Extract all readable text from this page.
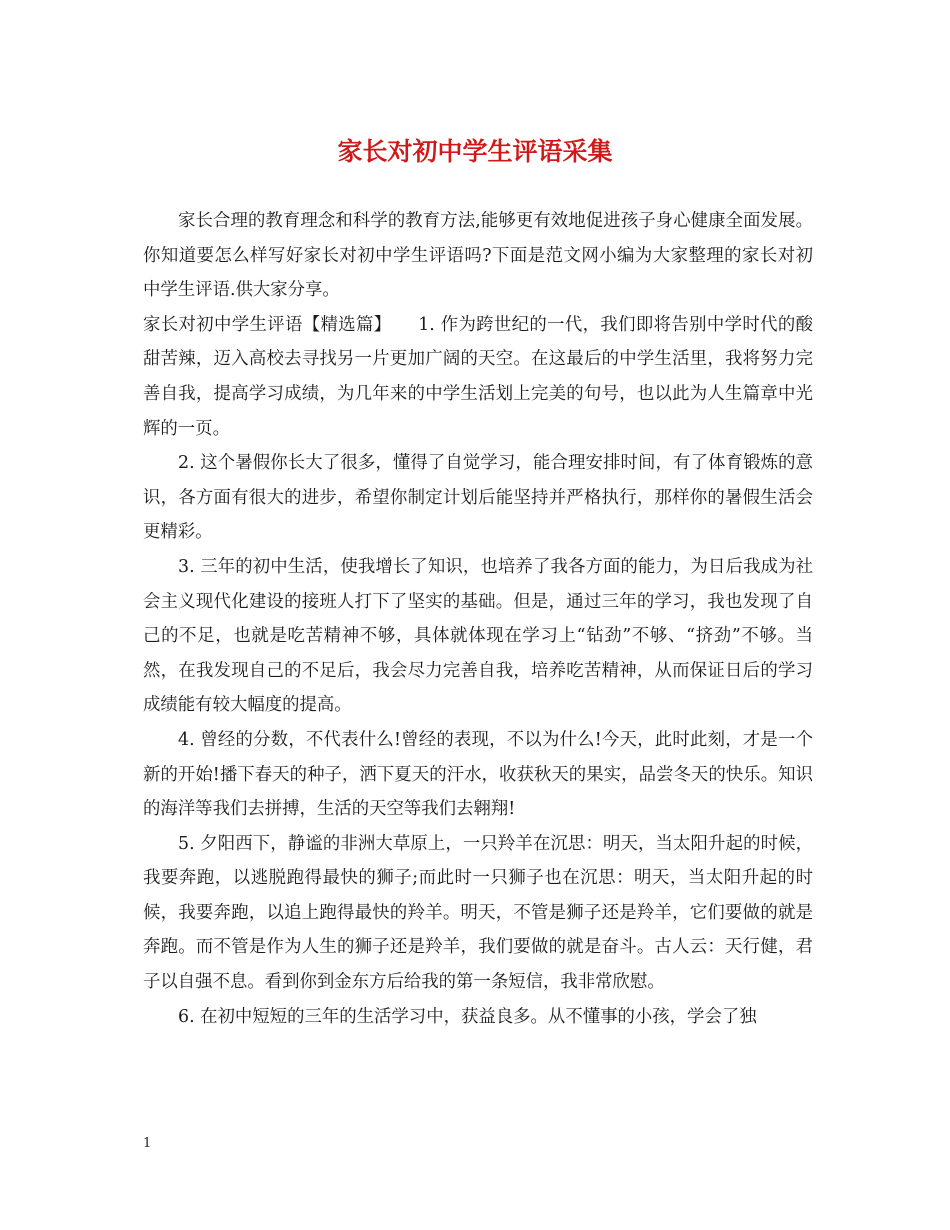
家长对初中学生评语采集

家长合理的教育理念和科学的教育方法,能够更有效地促进孩子身心健康全面发展。你知道要怎么样写好家长对初中学生评语吗?下面是范文网小编为大家整理的家长对初中学生评语.供大家分享。

家长对初中学生评语【精选篇】　　1. 作为跨世纪的一代，我们即将告别中学时代的酸甜苦辣，迈入高校去寻找另一片更加广阔的天空。在这最后的中学生活里，我将努力完善自我，提高学习成绩，为几年来的中学生活划上完美的句号，也以此为人生篇章中光辉的一页。

2. 这个暑假你长大了很多，懂得了自觉学习，能合理安排时间，有了体育锻炼的意识，各方面有很大的进步，希望你制定计划后能坚持并严格执行，那样你的暑假生活会更精彩。

3. 三年的初中生活，使我增长了知识，也培养了我各方面的能力，为日后我成为社会主义现代化建设的接班人打下了坚实的基础。但是，通过三年的学习，我也发现了自己的不足，也就是吃苦精神不够，具体就体现在学习上“钻劲”不够、“挤劲”不够。当然，在我发现自己的不足后，我会尽力完善自我，培养吃苦精神，从而保证日后的学习成绩能有较大幅度的提高。

4. 曾经的分数，不代表什么!曾经的表现，不以为什么!今天，此时此刻，才是一个新的开始!播下春天的种子，洒下夏天的汗水，收获秋天的果实，品尝冬天的快乐。知识的海洋等我们去拼搏，生活的天空等我们去翱翔!

5. 夕阳西下，静谧的非洲大草原上，一只羚羊在沉思：明天，当太阳升起的时候，我要奔跑，以逃脱跑得最快的狮子;而此时一只狮子也在沉思：明天，当太阳升起的时候，我要奔跑，以追上跑得最快的羚羊。明天，不管是狮子还是羚羊，它们要做的就是奔跑。而不管是作为人生的狮子还是羚羊，我们要做的就是奋斗。古人云：天行健，君子以自强不息。看到你到金东方后给我的第一条短信，我非常欣慰。

6. 在初中短短的三年的生活学习中，获益良多。从不懂事的小孩，学会了独

1
